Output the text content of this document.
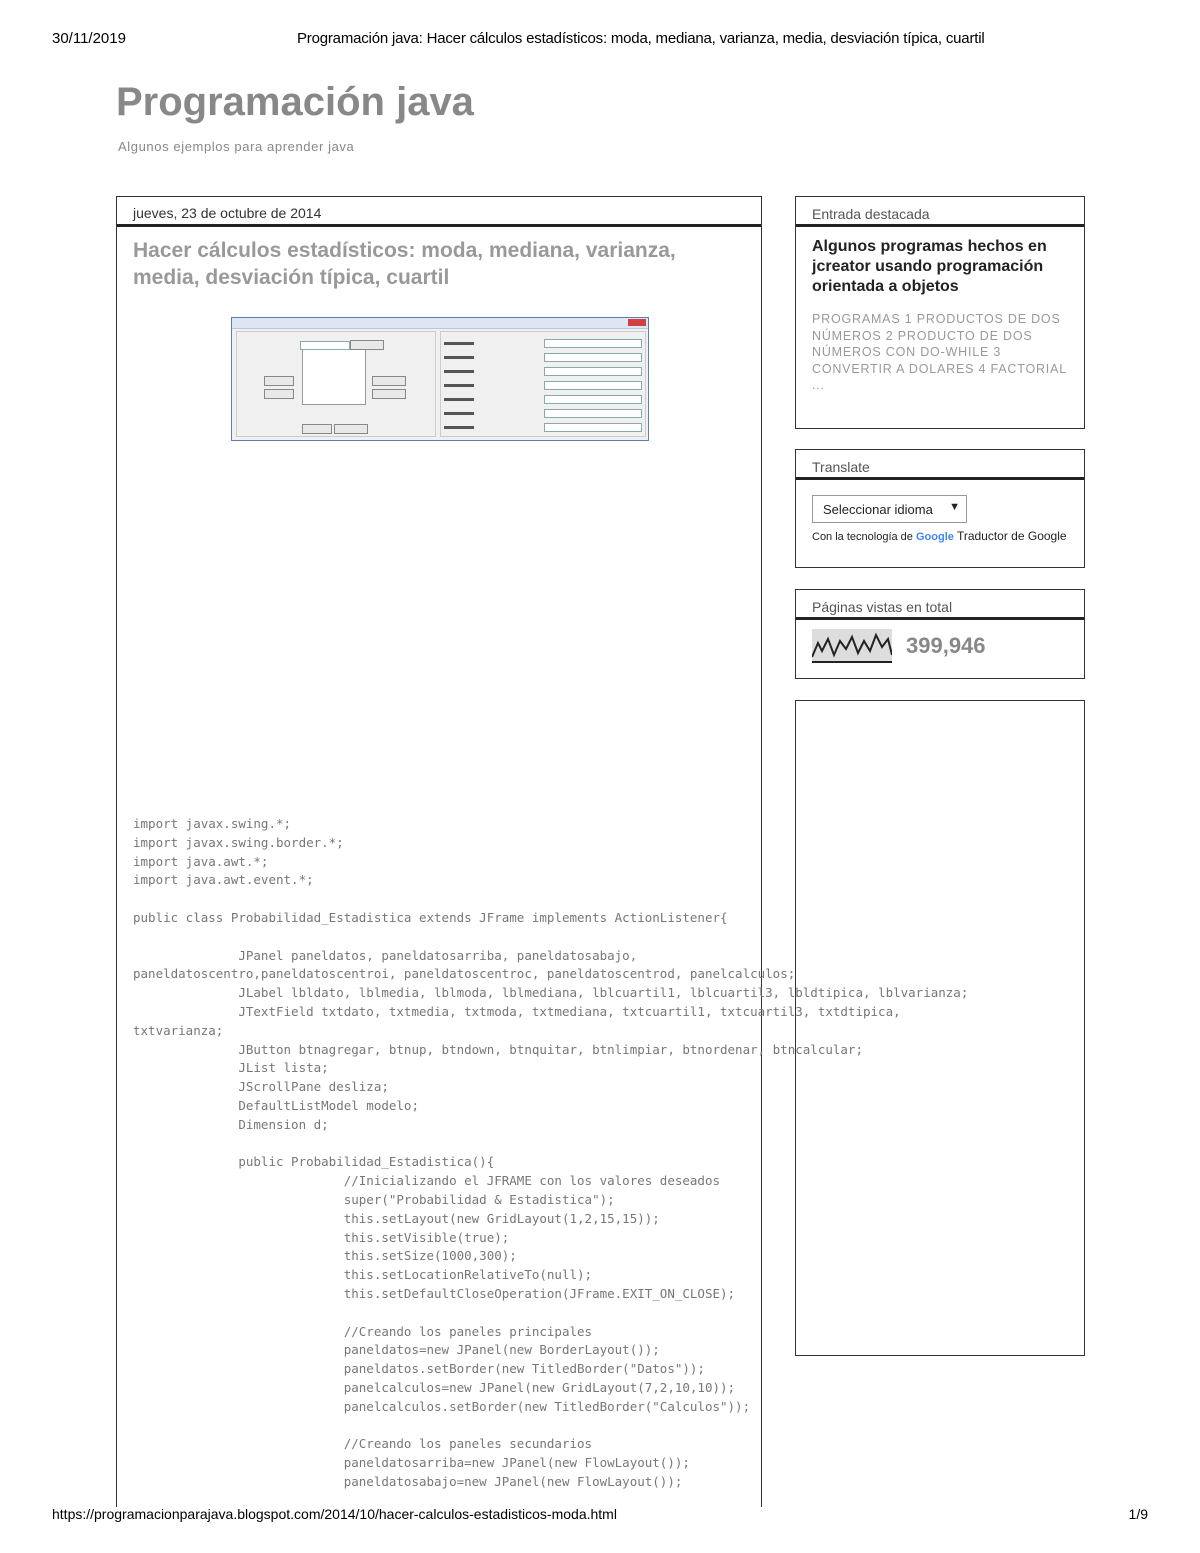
30/11/2019	Programación java: Hacer cálculos estadísticos: moda, mediana, varianza, media, desviación típica, cuartil
Programación java
Algunos ejemplos para aprender java
jueves, 23 de octubre de 2014
Hacer cálculos estadísticos: moda, mediana, varianza, media, desviación típica, cuartil
import javax.swing.*;
import javax.swing.border.*;
import java.awt.*;
import java.awt.event.*;

public class Probabilidad_Estadistica extends JFrame implements ActionListener{

JPanel paneldatos, paneldatosarriba, paneldatosabajo,
paneldatoscentro,paneldatoscentroi, paneldatoscentroc, paneldatoscentrod, panelcalculos;
JLabel lbldato, lblmedia, lblmoda, lblmediana, lblcuartil1, lblcuartil3, lbldtipica, lblvarianza;
JTextField txtdato, txtmedia, txtmoda, txtmediana, txtcuartil1, txtcuartil3, txtdtipica,
txtvarianza;
JButton btnagregar, btnup, btndown, btnquitar, btnlimpiar, btnordenar, btncalcular;
JList lista;
JScrollPane desliza;
DefaultListModel modelo;
Dimension d;

public Probabilidad_Estadistica(){
//Inicializando el JFRAME con los valores deseados
super("Probabilidad & Estadistica");
this.setLayout(new GridLayout(1,2,15,15));
this.setVisible(true);
this.setSize(1000,300);
this.setLocationRelativeTo(null);
this.setDefaultCloseOperation(JFrame.EXIT_ON_CLOSE);

//Creando los paneles principales
paneldatos=new JPanel(new BorderLayout());
paneldatos.setBorder(new TitledBorder("Datos"));
panelcalculos=new JPanel(new GridLayout(7,2,10,10));
panelcalculos.setBorder(new TitledBorder("Calculos"));

//Creando los paneles secundarios
paneldatosarriba=new JPanel(new FlowLayout());
paneldatosabajo=new JPanel(new FlowLayout());
Entrada destacada
Algunos programas hechos en jcreator usando programación orientada a objetos
PROGRAMAS 1 PRODUCTOS DE DOS NÚMEROS 2 PRODUCTO DE DOS NÚMEROS CON DO-WHILE 3 CONVERTIR A DOLARES 4 FACTORIAL ...
Translate
Seleccionar idioma ▼
Con la tecnología de Google Traductor de Google
Páginas vistas en total
399,946
https://programacionparajava.blogspot.com/2014/10/hacer-calculos-estadisticos-moda.html	1/9
